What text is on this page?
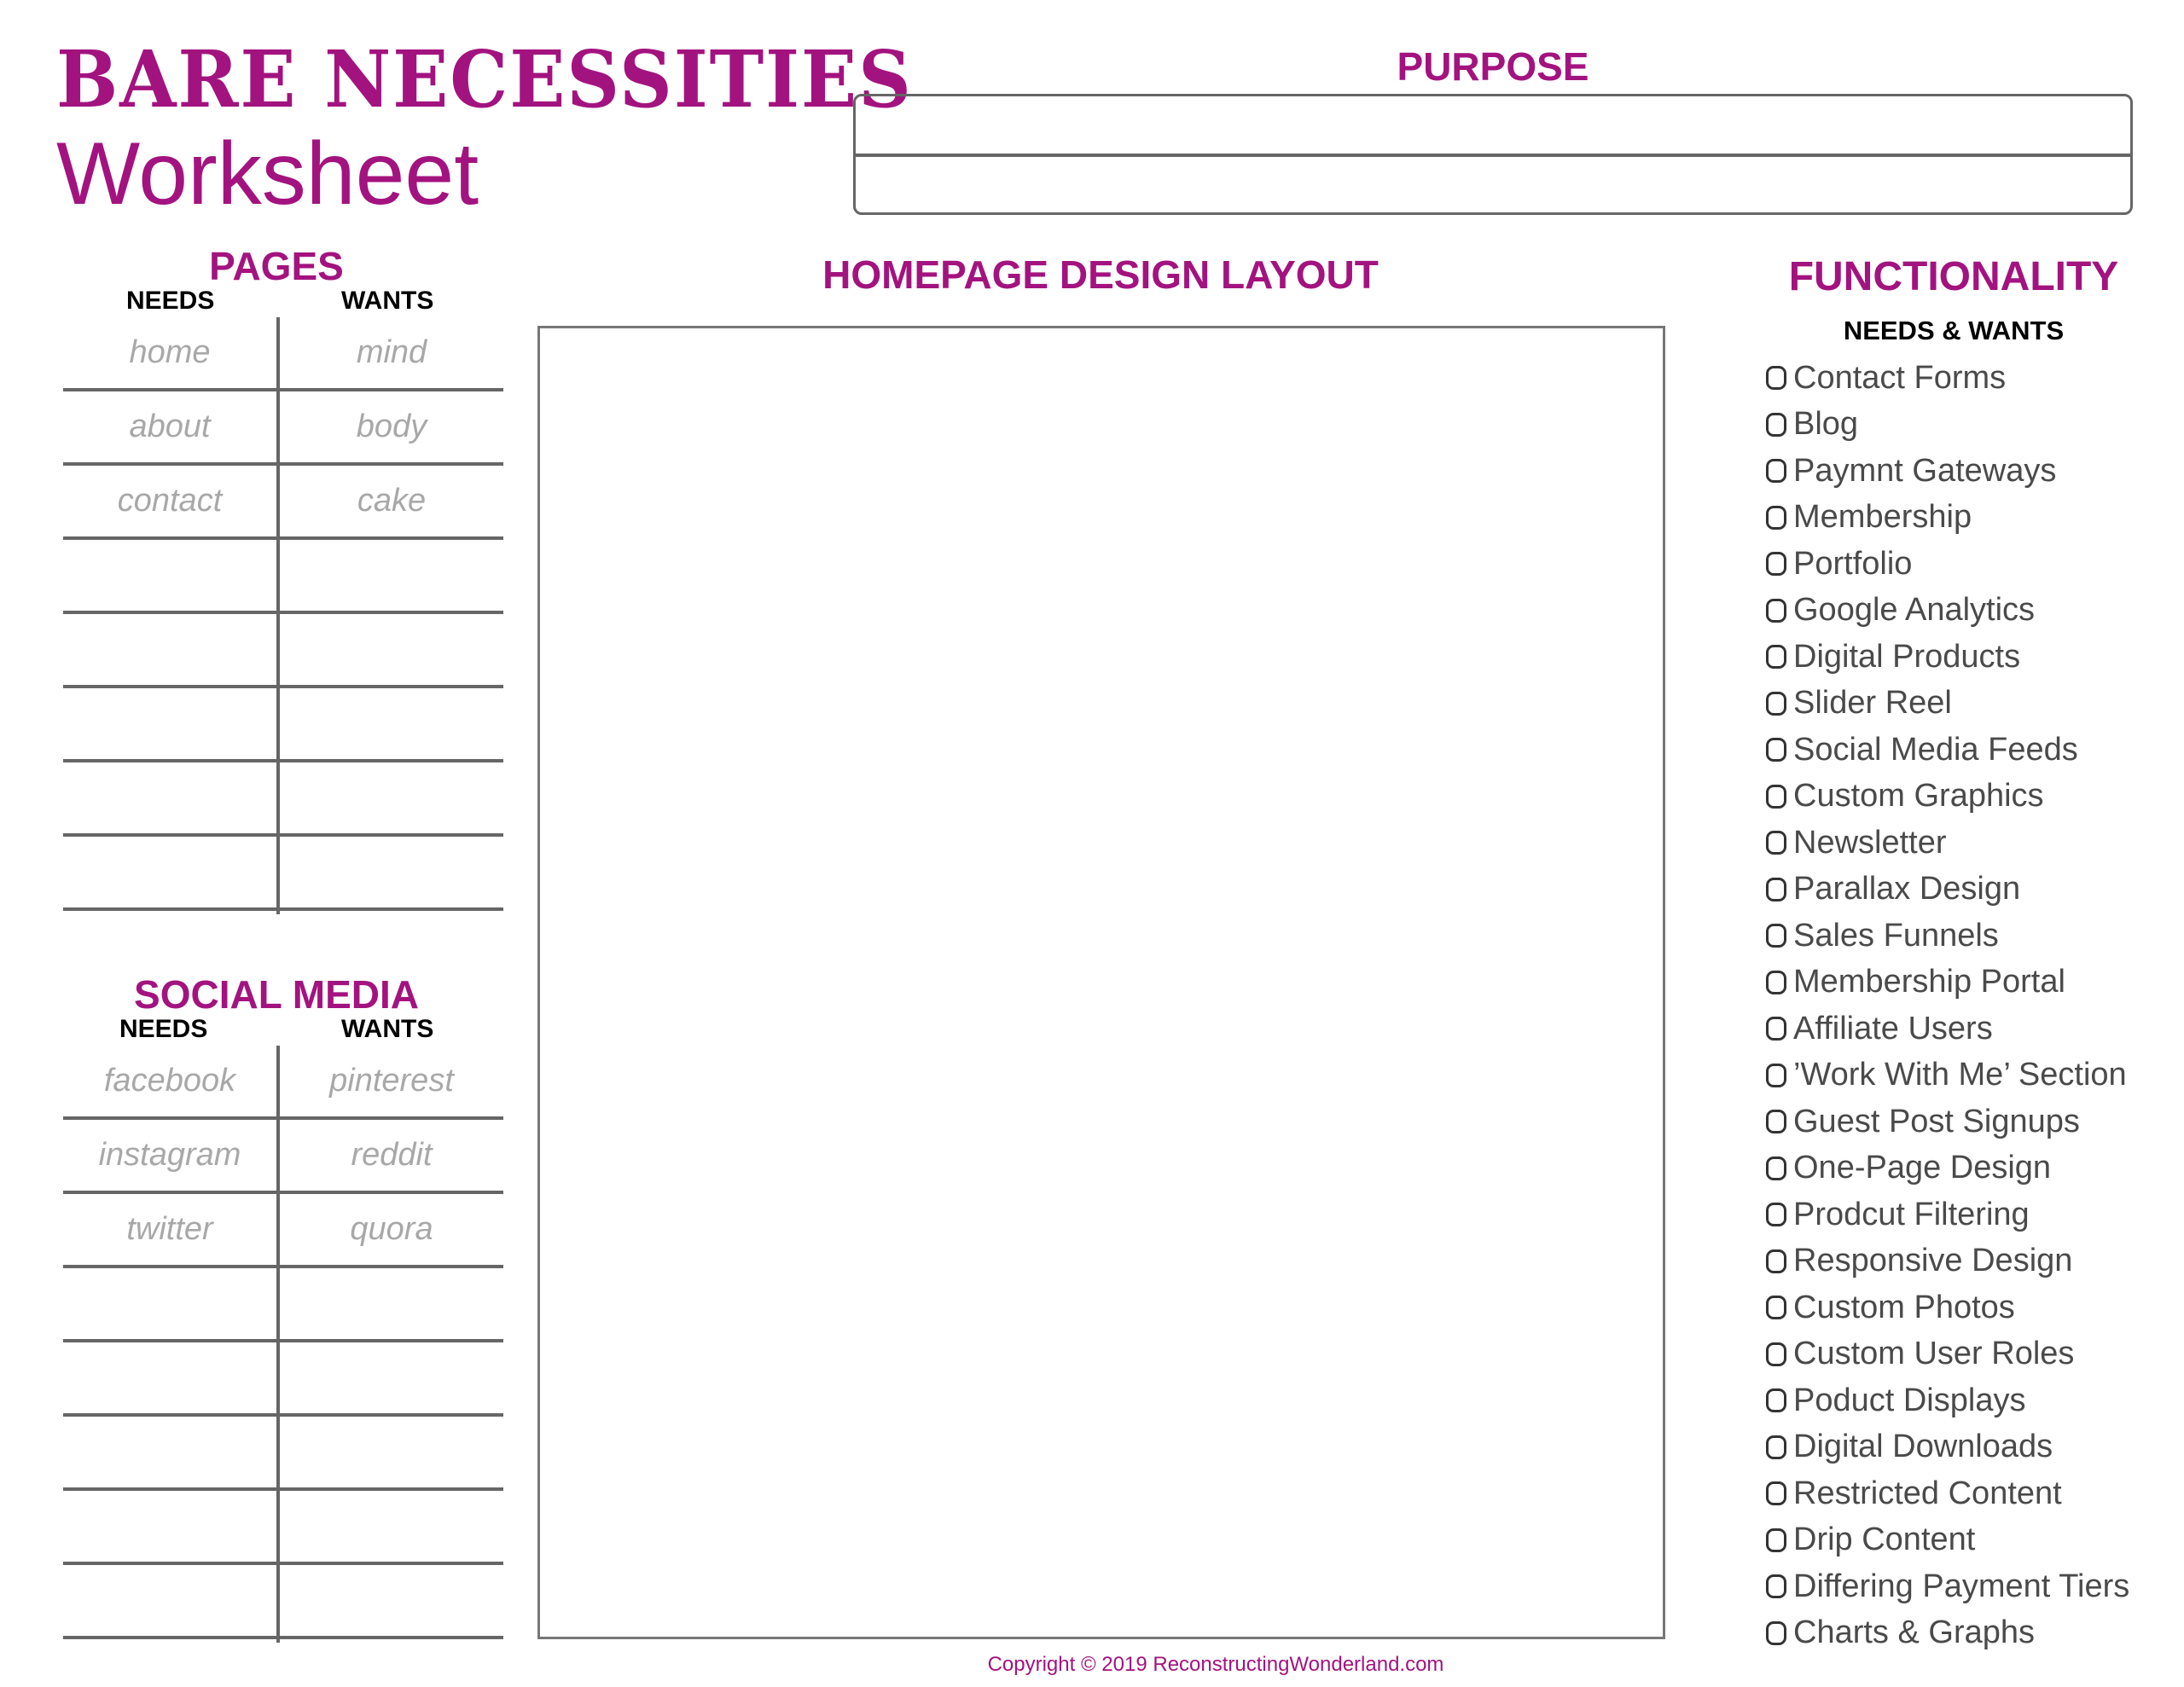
BARE NECESSITIES
Worksheet
PURPOSE
PAGES
NEEDS	WANTS
home	mind
about	body
contact	cake
SOCIAL MEDIA
NEEDS	WANTS
facebook	pinterest
instagram	reddit
twitter	quora
HOMEPAGE DESIGN LAYOUT	FUNCTIONALITY
NEEDS & WANTS
Contact Forms
Blog
Paymnt Gateways
Membership
Portfolio
Google Analytics
Digital Products
Slider Reel
Social Media Feeds
Custom Graphics
Newsletter
Parallax Design
Sales Funnels
Membership Portal
Affiliate Users
’Work With Me’ Section
Guest Post Signups
One-Page Design
Prodcut Filtering
Responsive Design
Custom Photos
Custom User Roles
Poduct Displays
Digital Downloads
Restricted Content
Drip Content
Differing Payment Tiers
Charts & Graphs
Copyright © 2019 ReconstructingWonderland.com
